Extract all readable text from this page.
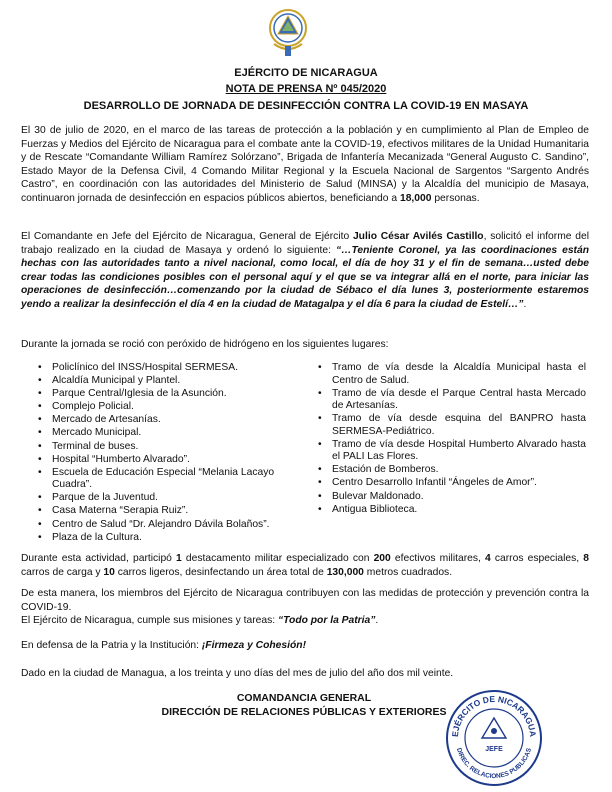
EJÉRCITO DE NICARAGUA
NOTA DE PRENSA Nº 045/2020
DESARROLLO DE JORNADA DE DESINFECCIÓN CONTRA LA COVID-19 EN MASAYA
El 30 de julio de 2020, en el marco de las tareas de protección a la población y en cumplimiento al Plan de Empleo de Fuerzas y Medios del Ejército de Nicaragua para el combate ante la COVID-19, efectivos militares de la Unidad Humanitaria y de Rescate “Comandante William Ramírez Solórzano”, Brigada de Infantería Mecanizada “General Augusto C. Sandino”, Estado Mayor de la Defensa Civil, 4 Comando Militar Regional y la Escuela Nacional de Sargentos “Sargento Andrés Castro”, en coordinación con las autoridades del Ministerio de Salud (MINSA) y la Alcaldía del municipio de Masaya, continuaron jornada de desinfección en espacios públicos abiertos, beneficiando a 18,000 personas.
El Comandante en Jefe del Ejército de Nicaragua, General de Ejército Julio César Avilés Castillo, solicitó el informe del trabajo realizado en la ciudad de Masaya y ordenó lo siguiente: “…Teniente Coronel, ya las coordinaciones están hechas con las autoridades tanto a nivel nacional, como local, el día de hoy 31 y el fin de semana…usted debe crear todas las condiciones posibles con el personal aquí y el que se va integrar allá en el norte, para iniciar las operaciones de desinfección…comenzando por la ciudad de Sébaco el día lunes 3, posteriormente estaremos yendo a realizar la desinfección el día 4 en la ciudad de Matagalpa y el día 6 para la ciudad de Estelí…”.
Durante la jornada se roció con peróxido de hidrógeno en los siguientes lugares:
• Policlínico del INSS/Hospital SERMESA.
• Alcaldía Municipal y Plantel.
• Parque Central/Iglesia de la Asunción.
• Complejo Policial.
• Mercado de Artesanías.
• Mercado Municipal.
• Terminal de buses.
• Hospital “Humberto Alvarado”.
• Escuela de Educación Especial “Melania Lacayo Cuadra”.
• Parque de la Juventud.
• Casa Materna “Serapia Ruiz”.
• Centro de Salud “Dr. Alejandro Dávila Bolaños”.
• Plaza de la Cultura.
• Tramo de vía desde la Alcaldía Municipal hasta el Centro de Salud.
• Tramo de vía desde el Parque Central hasta Mercado de Artesanías.
• Tramo de vía desde esquina del BANPRO hasta SERMESA-Pediátrico.
• Tramo de vía desde Hospital Humberto Alvarado hasta el PALI Las Flores.
• Estación de Bomberos.
• Centro Desarrollo Infantil “Ángeles de Amor”.
• Bulevar Maldonado.
• Antigua Biblioteca.
Durante esta actividad, participó 1 destacamento militar especializado con 200 efectivos militares, 4 carros especiales, 8 carros de carga y 10 carros ligeros, desinfectando un área total de 130,000 metros cuadrados.
De esta manera, los miembros del Ejército de Nicaragua contribuyen con las medidas de protección y prevención contra la COVID-19.
El Ejército de Nicaragua, cumple sus misiones y tareas: “Todo por la Patria”.
En defensa de la Patria y la Institución: ¡Firmeza y Cohesión!
Dado en la ciudad de Managua, a los treinta y uno días del mes de julio del año dos mil veinte.
COMANDANCIA GENERAL
DIRECCIÓN DE RELACIONES PÚBLICAS Y EXTERIORES
EJÉRCITO DE NICARAGUA
JEFE
DIREC. RELACIONES PUBLICAS
